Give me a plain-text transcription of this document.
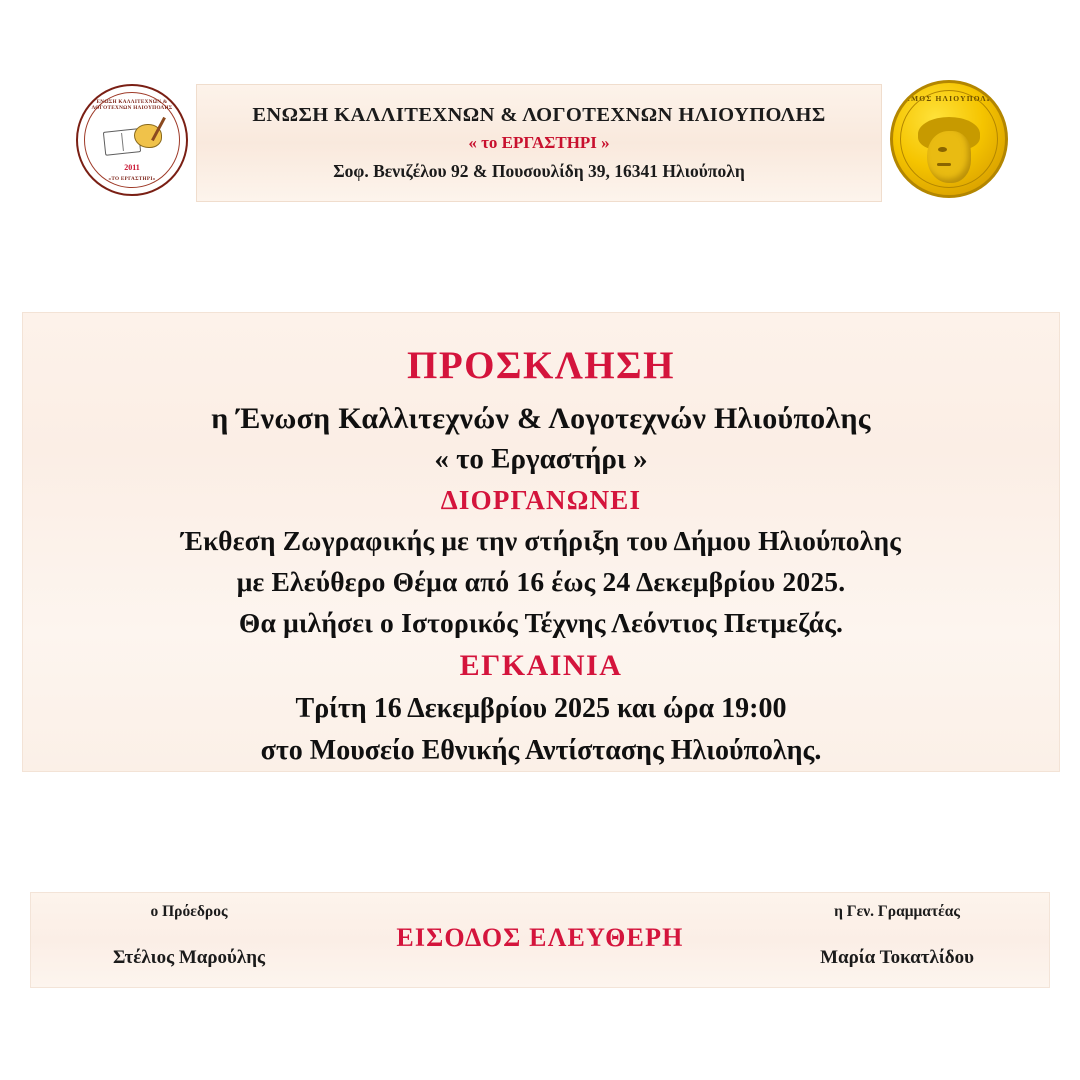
ΕΝΩΣΗ ΚΑΛΛΙΤΕΧΝΩΝ & ΛΟΓΟΤΕΧΝΩΝ ΗΛΙΟΥΠΟΛΗΣ
2011
«ΤΟ ΕΡΓΑΣΤΗΡΙ»
ΕΝΩΣΗ ΚΑΛΛΙΤΕΧΝΩΝ & ΛΟΓΟΤΕΧΝΩΝ ΗΛΙΟΥΠΟΛΗΣ
« το ΕΡΓΑΣΤΗΡΙ »
Σοφ. Βενιζέλου 92 & Πουσουλίδη 39, 16341 Ηλιούπολη
ΔΗΜΟΣ ΗΛΙΟΥΠΟΛΗΣ
ΠΡΟΣΚΛΗΣΗ
η Ένωση Καλλιτεχνών & Λογοτεχνών Ηλιούπολης
« το Εργαστήρι »
ΔΙΟΡΓΑΝΩΝΕΙ
Έκθεση Ζωγραφικής με την στήριξη του Δήμου Ηλιούπολης
με Ελεύθερο Θέμα από 16 έως 24 Δεκεμβρίου 2025.
Θα μιλήσει ο Ιστορικός Τέχνης Λεόντιος Πετμεζάς.
ΕΓΚΑΙΝΙΑ
Τρίτη 16 Δεκεμβρίου 2025 και ώρα 19:00
στο Μουσείο Εθνικής Αντίστασης Ηλιούπολης.
ο Πρόεδρος
Στέλιος Μαρούλης
ΕΙΣΟΔΟΣ ΕΛΕΥΘΕΡΗ
η Γεν. Γραμματέας
Μαρία Τοκατλίδου
